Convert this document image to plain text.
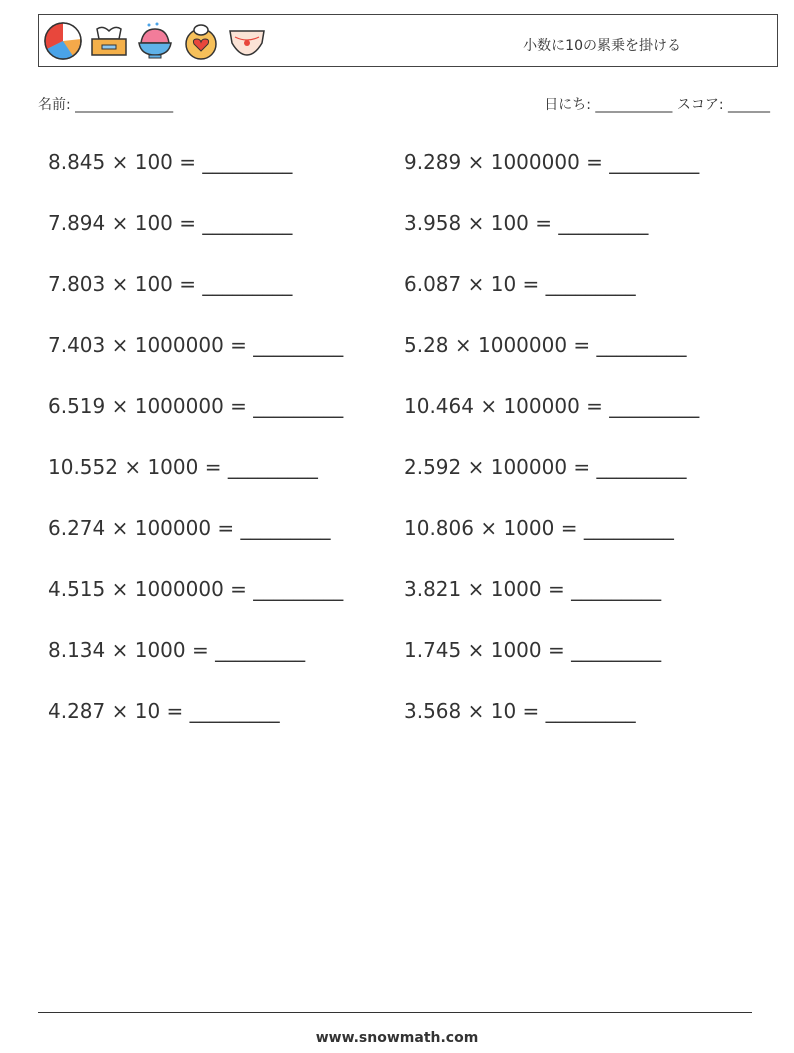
小数に10の累乗を掛ける
名前: ______________	日にち: ___________ スコア: ______
8.845 × 100 = _________
7.894 × 100 = _________
7.803 × 100 = _________
7.403 × 1000000 = _________
6.519 × 1000000 = _________
10.552 × 1000 = _________
6.274 × 100000 = _________
4.515 × 1000000 = _________
8.134 × 1000 = _________
4.287 × 10 = _________
9.289 × 1000000 = _________
3.958 × 100 = _________
6.087 × 10 = _________
5.28 × 1000000 = _________
10.464 × 100000 = _________
2.592 × 100000 = _________
10.806 × 1000 = _________
3.821 × 1000 = _________
1.745 × 1000 = _________
3.568 × 10 = _________
www.snowmath.com
